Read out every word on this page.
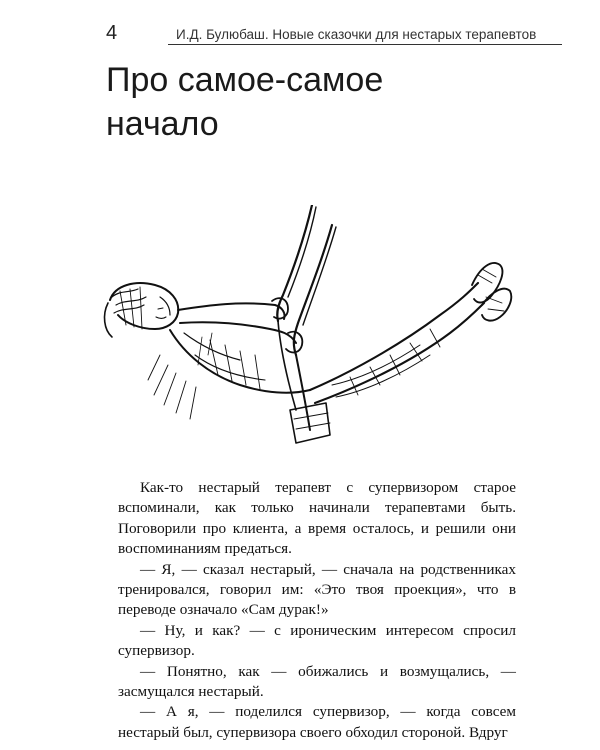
4	И.Д. Булюбаш. Новые сказочки для нестарых терапевтов
Про самое-самое
начало

Как-то нестарый терапевт с супервизором старое вспоминали, как только начинали терапевтами быть. Поговорили про клиента, а время осталось, и решили они воспоминаниям предаться.

— Я, — сказал нестарый, — сначала на родственниках тренировался, говорил им: «Это твоя проекция», что в переводе означало «Сам дурак!»

— Ну, и как? — с ироническим интересом спросил супервизор.

— Понятно, как — обижались и возмущались, — засмущался нестарый.

— А я, — поделился супервизор, — когда совсем нестарый был, супервизора своего обходил стороной. Вдруг
